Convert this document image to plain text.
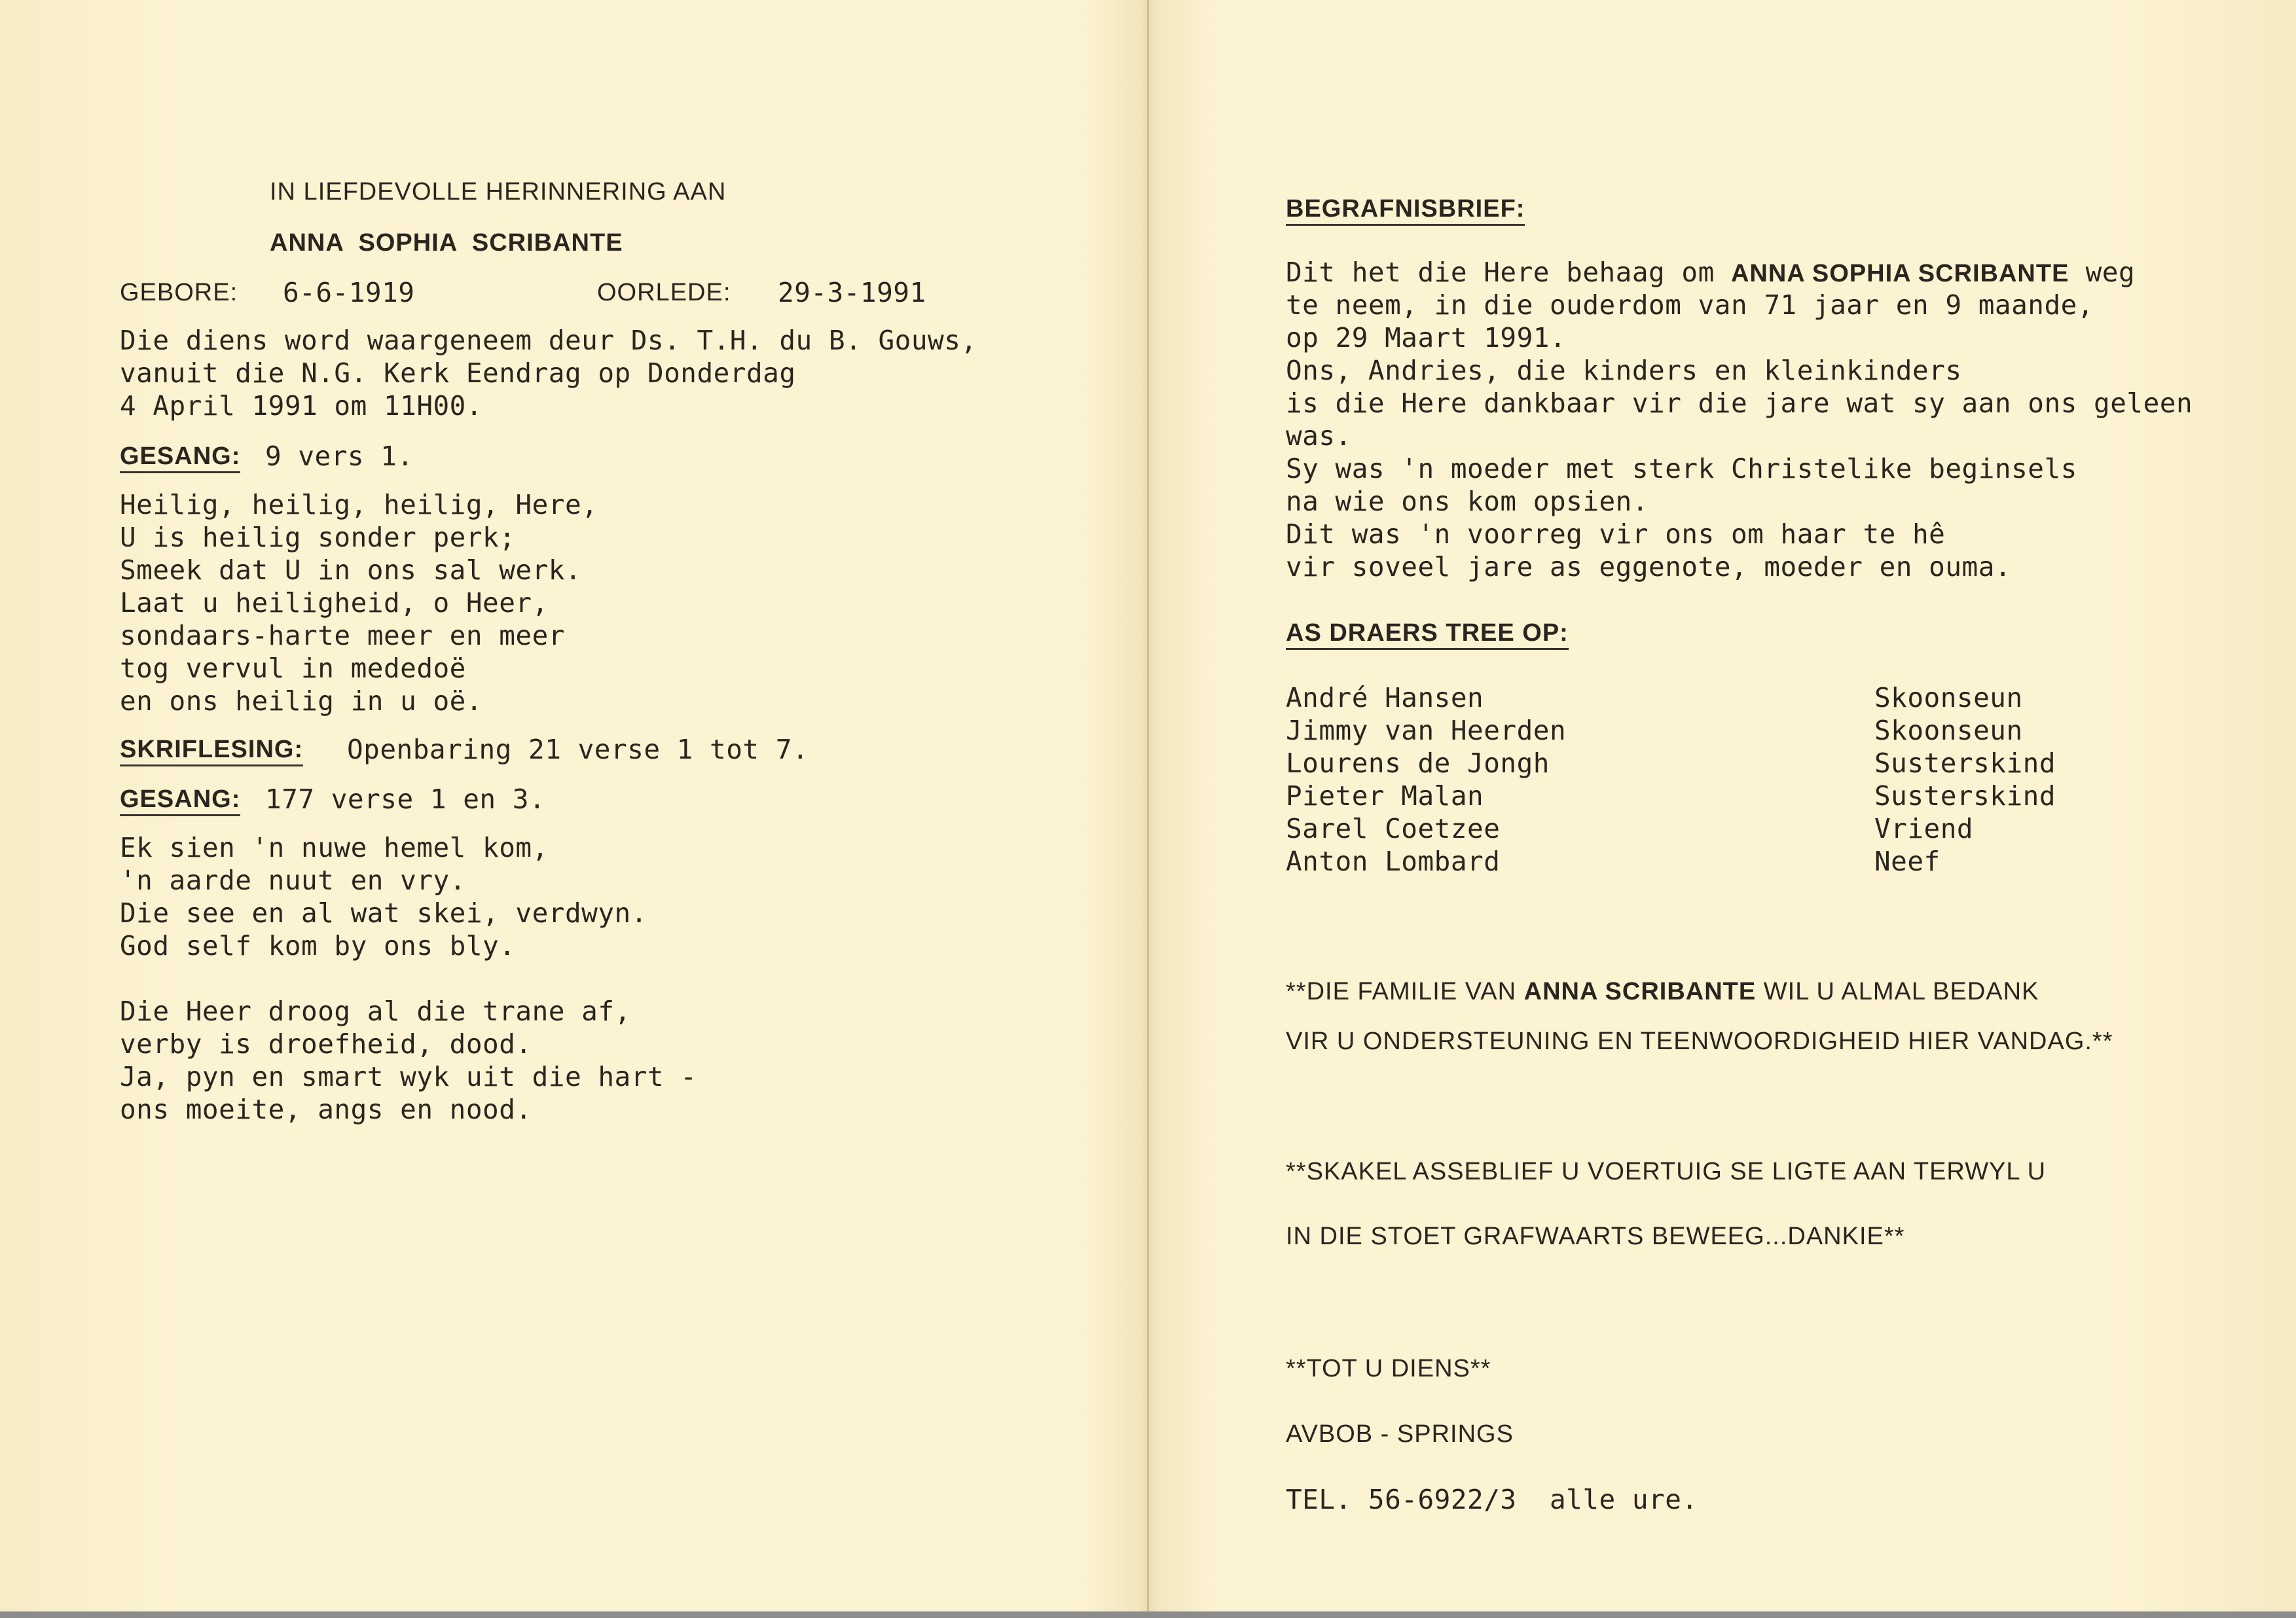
IN LIEFDEVOLLE HERINNERING AAN
ANNA  SOPHIA  SCRIBANTE
GEBORE: 6-6-1919	OORLEDE: 29-3-1991
Die diens word waargeneem deur Ds. T.H. du B. Gouws,
vanuit die N.G. Kerk Eendrag op Donderdag
4 April 1991 om 11H00.
GESANG: 9 vers 1.
Heilig, heilig, heilig, Here,
U is heilig sonder perk;
Smeek dat U in ons sal werk.
Laat u heiligheid, o Heer,
sondaars-harte meer en meer
tog vervul in mededoë
en ons heilig in u oë.
SKRIFLESING: Openbaring 21 verse 1 tot 7.
GESANG: 177 verse 1 en 3.
Ek sien 'n nuwe hemel kom,
'n aarde nuut en vry.
Die see en al wat skei, verdwyn.
God self kom by ons bly.
Die Heer droog al die trane af,
verby is droefheid, dood.
Ja, pyn en smart wyk uit die hart -
ons moeite, angs en nood.
BEGRAFNISBRIEF:
Dit het die Here behaag om ANNA SOPHIA SCRIBANTE weg
te neem, in die ouderdom van 71 jaar en 9 maande,
op 29 Maart 1991.
Ons, Andries, die kinders en kleinkinders
is die Here dankbaar vir die jare wat sy aan ons geleen
was.
Sy was 'n moeder met sterk Christelike beginsels
na wie ons kom opsien.
Dit was 'n voorreg vir ons om haar te hê
vir soveel jare as eggenote, moeder en ouma.
AS DRAERS TREE OP:
André Hansen	Skoonseun
Jimmy van Heerden	Skoonseun
Lourens de Jongh	Susterskind
Pieter Malan	Susterskind
Sarel Coetzee	Vriend
Anton Lombard	Neef
**DIE FAMILIE VAN ANNA SCRIBANTE WIL U ALMAL BEDANK
VIR U ONDERSTEUNING EN TEENWOORDIGHEID HIER VANDAG.**
**SKAKEL ASSEBLIEF U VOERTUIG SE LIGTE AAN TERWYL U
IN DIE STOET GRAFWAARTS BEWEEG...DANKIE**
**TOT U DIENS**
AVBOB - SPRINGS
TEL. 56-6922/3  alle ure.
